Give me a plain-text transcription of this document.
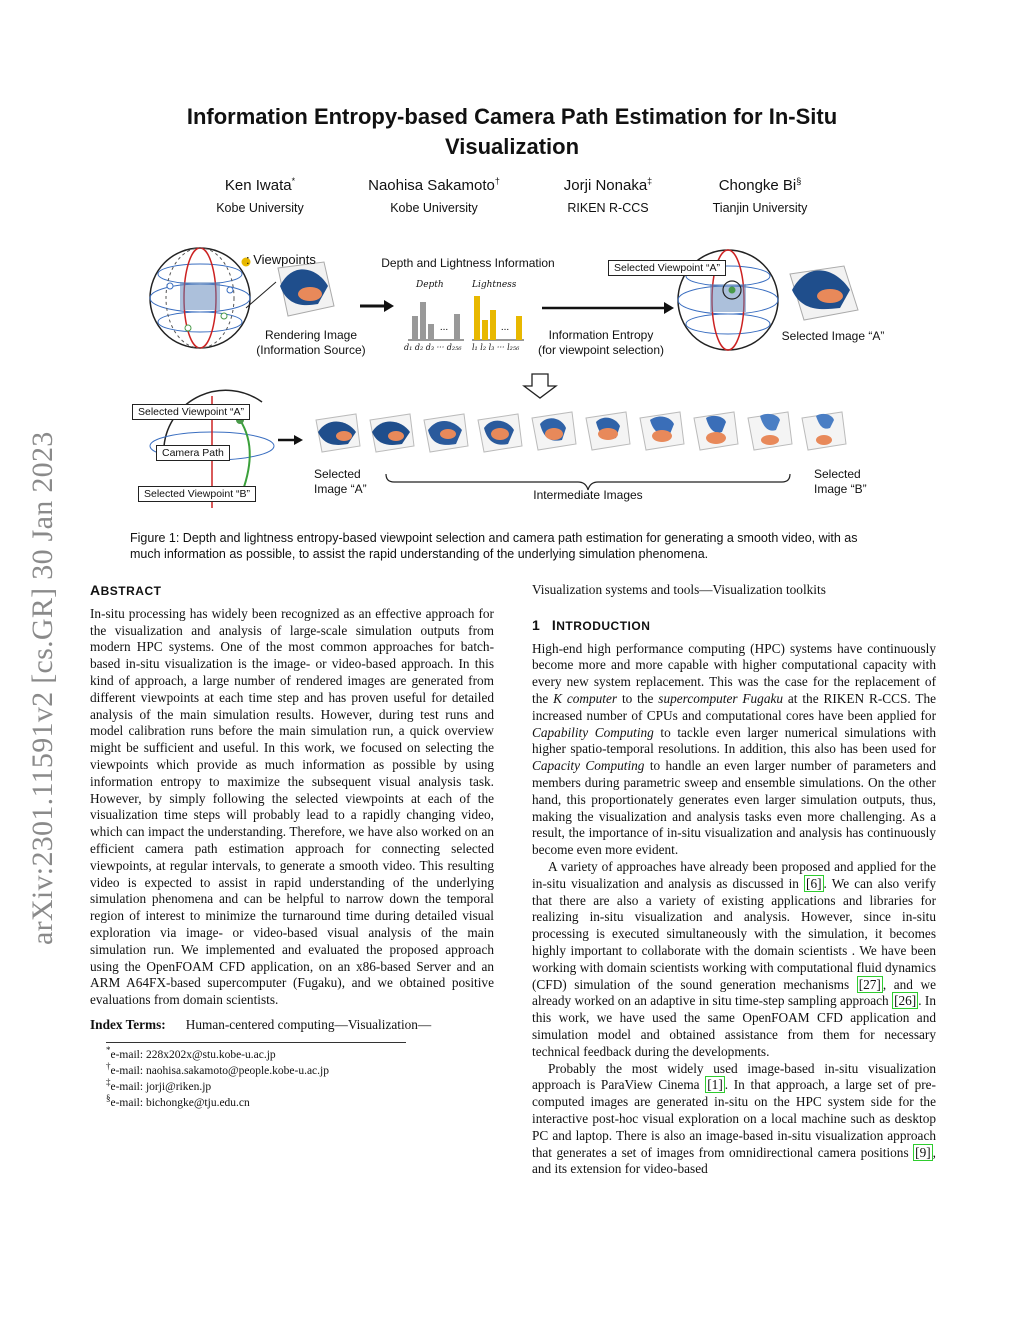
arXiv:2301.11591v2 [cs.GR] 30 Jan 2023
Information Entropy-based Camera Path Estimation for In-Situ
Visualization
Ken Iwata*
Kobe University
Naohisa Sakamoto†
Kobe University
Jorji Nonaka‡
RIKEN R-CCS
Chongke Bi§
Tianjin University
...	...
: Viewpoints
Rendering Image
(Information Source)
Depth and Lightness Information
Depth	Lightness
d₁ d₂ d₃ ··· d₂₅₆ l₁ l₂ l₃ ··· l₂₅₆
Information Entropy
(for viewpoint selection)
Selected Viewpoint “A”
Selected Image “A”
Selected Viewpoint “A”
Camera Path
Selected Viewpoint “B”
Selected
Image “A”	Intermediate Images
Selected
Image “B”
Figure 1: Depth and lightness entropy-based viewpoint selection and camera path estimation for generating a smooth video, with as
much information as possible, to assist the rapid understanding of the underlying simulation phenomena.
ABSTRACT

In-situ processing has widely been recognized as an effective approach for the visualization and analysis of large-scale simulation outputs from modern HPC systems. One of the most common approaches for batch-based in-situ visualization is the image- or video-based approach. In this kind of approach, a large number of rendered images are generated from different viewpoints at each time step and has proven useful for detailed analysis of the main simulation results. However, during test runs and model calibration runs before the main simulation run, a quick overview might be sufficient and useful. In this work, we focused on selecting the viewpoints which provide as much information as possible by using information entropy to maximize the subsequent visual analysis task. However, by simply following the selected viewpoints at each of the visualization time steps will probably lead to a rapidly changing video, which can impact the understanding. Therefore, we have also worked on an efficient camera path estimation approach for connecting selected viewpoints, at regular intervals, to generate a smooth video. This resulting video is expected to assist in rapid understanding of the underlying simulation phenomena and can be helpful to narrow down the temporal region of interest to minimize the turnaround time during detailed visual exploration via image- or video-based visual analysis of the main simulation run. We implemented and evaluated the proposed approach using the OpenFOAM CFD application, on an x86-based Server and an ARM A64FX-based supercomputer (Fugaku), and we obtained positive evaluations from domain scientists.

Index Terms: Human-centered computing—Visualization—
*e-mail: 228x202x@stu.kobe-u.ac.jp
†e-mail: naohisa.sakamoto@people.kobe-u.ac.jp
‡e-mail: jorji@riken.jp
§e-mail: bichongke@tju.edu.cn

Visualization systems and tools—Visualization toolkits

1 INTRODUCTION

High-end high performance computing (HPC) systems have continuously become more and more capable with higher computational capacity with every new system replacement. This was the case for the replacement of the K computer to the supercomputer Fugaku at the RIKEN R-CCS. The increased number of CPUs and computational cores have been applied for Capability Computing to tackle even larger numerical simulations with higher spatio-temporal resolutions. In addition, this also has been used for Capacity Computing to handle an even larger number of parameters and members during parametric sweep and ensemble simulations. On the other hand, this proportionately generates even larger simulation outputs, thus, making the visualization and analysis tasks even more challenging. As a result, the importance of in-situ visualization and analysis has continuously become even more evident.

A variety of approaches have already been proposed and applied for the in-situ visualization and analysis as discussed in [6] . We can also verify that there are also a variety of existing applications and libraries for realizing in-situ visualization and analysis. However, since in-situ processing is executed simultaneously with the simulation, it becomes highly important to collaborate with the domain scientists . We have been working with domain scientists working with computational fluid dynamics (CFD) simulation of the sound generation mechanisms [27] , and we already worked on an adaptive in situ time-step sampling approach [26] . In this work, we have used the same OpenFOAM CFD application and simulation model and obtained assistance from them for necessary technical feedback during the developments.

Probably the most widely used image-based in-situ visualization approach is ParaView Cinema [1] . In that approach, a large set of pre-computed images are generated in-situ on the HPC system side for the interactive post-hoc visual exploration on a local machine such as desktop PC and laptop. There is also an image-based in-situ visualization approach that generates a set of images from omnidirectional camera positions [9] , and its extension for video-based
